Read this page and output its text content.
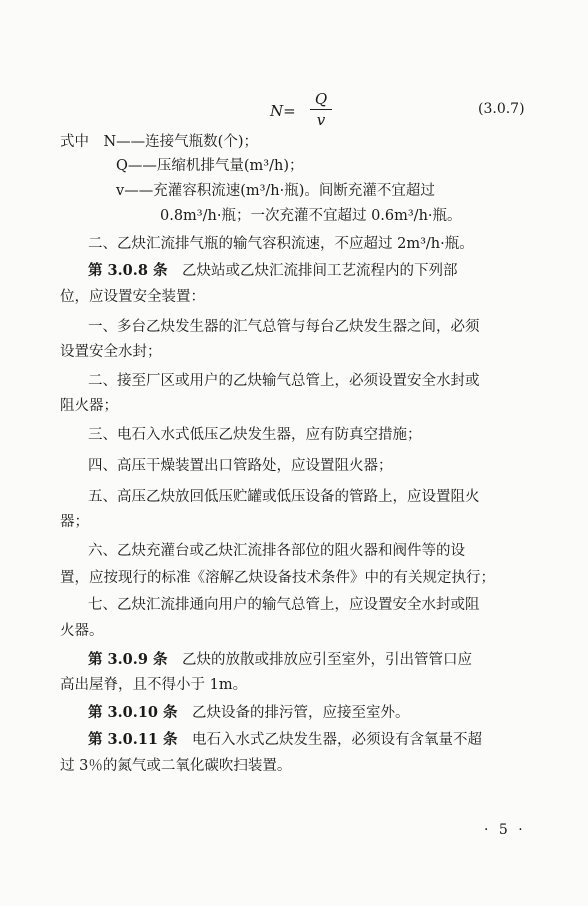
N=
Q
v
(3.0.7)
式中　N——连接气瓶数(个)；
Q——压缩机排气量(m³/h)；
v——充灌容积流速(m³/h·瓶)。间断充灌不宜超过
0.8m³/h·瓶；一次充灌不宜超过 0.6m³/h·瓶。
二、乙炔汇流排气瓶的输气容积流速，不应超过 2m³/h·瓶。
第 3.0.8 条　乙炔站或乙炔汇流排间工艺流程内的下列部
位，应设置安全装置：
一、多台乙炔发生器的汇气总管与每台乙炔发生器之间，必须
设置安全水封；
二、接至厂区或用户的乙炔输气总管上，必须设置安全水封或
阻火器；
三、电石入水式低压乙炔发生器，应有防真空措施；
四、高压干燥装置出口管路处，应设置阻火器；
五、高压乙炔放回低压贮罐或低压设备的管路上，应设置阻火
器；
六、乙炔充灌台或乙炔汇流排各部位的阻火器和阀件等的设
置，应按现行的标准《溶解乙炔设备技术条件》中的有关规定执行；
七、乙炔汇流排通向用户的输气总管上，应设置安全水封或阻
火器。
第 3.0.9 条　乙炔的放散或排放应引至室外，引出管管口应
高出屋脊，且不得小于 1m。
第 3.0.10 条　乙炔设备的排污管，应接至室外。
第 3.0.11 条　电石入水式乙炔发生器，必须设有含氧量不超
过 3％的氮气或二氧化碳吹扫装置。
· 5 ·
